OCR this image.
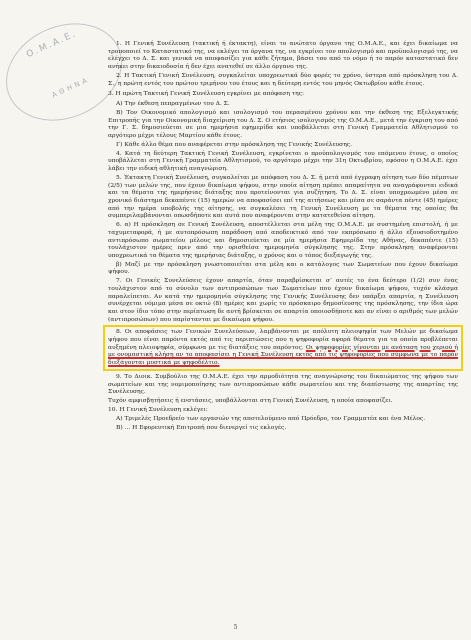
Ο.Μ.Α.Ε.
ΑΘΗΝΑ

1. Η Γενική Συνέλευση (τακτική ή έκτακτη), είναι το ανώτατο όργανο της Ο.Μ.Α.Ε., και έχει δικαίωμα να τροποποιεί το Καταστατικό της, να εκλέγει τα όργανα της, να εγκρίνει τον απολογισμό και προϋπολογισμό της, να ελέγχει το Δ. Σ. και γενικά να αποφασίζει για κάθε ζήτημα, βάσει του από το νόμο ή το παρόν καταστατικό δεν ανήκει στην δικαιοδοσία ή δεν έχει ανατεθεί σε άλλο όργανο της.

2. Η Τακτική Γενική Συνέλευση, συγκαλείται υποχρεωτικά δύο φορές το χρόνο, ύστερα από πρόσκληση του Δ. Σ., η πρώτη εντός του πρώτου τριμήνου του έτους και η δεύτερη εντός του μηνός Οκτωβρίου κάθε έτους.

3. Η πρώτη Τακτική Γενική Συνέλευση εγκρίνει με απόφαση της:

Α) Την έκθεση πεπραγμένων του Δ. Σ.

Β) Τον Οικονομικό απολογισμό και ισολογισμό του περασμένου χρόνου και την έκθεση της Εξελεγκτικής Επιτροπής για την Οικονομική διαχείριση του Δ. Σ. Ο ετήσιος ισολογισμός της Ο.Μ.Α.Ε., μετά την έγκριση του από την Γ. Σ. δημοσιεύεται σε μια ημερήσια εφημερίδα και υποβάλλεται στη Γενική Γραμματεία Αθλητισμού το αργότερο μέχρι τέλους Μαρτίου κάθε έτους.

Γ) Κάθε άλλο θέμα που αναφέρεται στην πρόσκληση της Γενικής Συνέλευσης.

4. Κατά τη δεύτερη Τακτική Γενική Συνέλευση, εγκρίνεται ο προϋπολογισμός του επόμενου έτους, ο οποίος υποβάλλεται στη Γενική Γραμματεία Αθλητισμού, το αργότερο μέχρι την 31η Οκτωβρίου, εφόσον η Ο.Μ.Α.Ε. έχει λάβει την ειδική αθλητική αναγνώριση.

5. Έκτακτη Γενική Συνέλευση, συγκαλείται με απόφαση του Δ. Σ. ή μετά από έγγραφη αίτηση των δύο πέμπτων (2/5) των μελών της, που έχουν δικαίωμα ψήφου, στην οποία αίτηση πρέπει απαραίτητα να αναγράφονται ειδικά και τα θέματα της ημερήσιας διάταξης που προτείνονται για συζήτηση. Το Δ. Σ. είναι υποχρεωμένο μέσα σε χρονικό διάστημα δεκαπέντε (15) ημερών να αποφασίσει επί της αιτήσεως και μέσα σε σαράντα πέντε (45) ημέρες από την ημέρα υποβολής της αίτησης, να συγκαλέσει τη Γενική Συνέλευση με τα θέματα της οποίας θα συμπεριλαμβάνονται οπωσδήποτε και αυτά που αναφέρονται στην κατατεθείσα αίτηση.

6. α) Η πρόσκληση σε Γενική Συνέλευση, αποστέλλεται στα μέλη της Ο.Μ.Α.Ε. με συστημένη επιστολή, ή με ταχυμεταφορά, ή με αυτοπρόσωπη παράδοση από αποδεικτικό από τον εκπρόσωπο ή άλλο εξουσιοδοτημένο αντιπρόσωπο σωματείου μέλους και δημοσιεύεται σε μία ημερήσια Εφημερίδα της Αθήνας, δεκαπέντε (15) τουλάχιστον ημέρες πριν από την ορισθείσα ημερομηνία σύγκλησης της. Στην πρόσκληση αναφέρονται υποχρεωτικά τα θέματα της ημερήσιας διάταξης, ο χρόνος και ο τόπος διεξαγωγής της.

β) Μαζί με την πρόσκληση γνωστοποιείται στα μέλη και ο κατάλογος των Σωματείων που έχουν δικαίωμα ψήφου.

7. Οι Γενικές Συνελεύσεις έχουν απαρτία, όταν παραβρίσκεται σ’ αυτές το ένα δεύτερο (1/2) συν ένας τουλάχιστον από το σύνολο των αντιπροσώπων των Σωματείων που έχουν δικαίωμα ψήφου, τυχόν κλάσμα παραλείπεται. Αν κατά την ημερομηνία σύγκλησης της Γενικής Συνέλευσης δεν υπάρξει απαρτία, η Συνέλευση συνέρχεται νόμιμα μέσα σε οκτώ (8) ημέρες και χωρίς το πρόσκαιρο δημοσίευσης της πρόσκλησης, την ίδια ώρα και στον ίδιο τόπο στην περίπτωση δε αυτή βρίσκεται σε απαρτία οποιοσδήποτε και αν είναι ο αριθμός των μελών (αντιπροσώπων) που παρίστανται με δικαίωμα ψήφου.

8. Οι αποφάσεις των Γενικών Συνελεύσεων, λαμβάνονται με απόλυτη πλειοψηφία των Μελών με δικαίωμα ψήφου που είναι παρόντα εκτός από τις περιπτώσεις που η ψηφοφορία αφορά θέματα για τα οποία προβλέπεται αυξημένη πλειοψηφία, σύμφωνα με τις διατάξεις του παρόντος. Οι ψηφοφορίες γίνονται με ανάταση του χεριού ή με ονομαστική κλήση αν το αποφασίσει η Γενική Συνέλευση εκτός από τις ψηφοφορίες που σύμφωνα με το παρόν διεξάγονται μυστικά με ψηφοδέλτιο.

9. Το Διοικ. Συμβούλιο της Ο.Μ.Α.Ε. έχει την αρμοδιότητα της αναγνώρισης του δικαιώματος της ψήφου των σωματείων και της νομιμοποίησης των αντιπροσώπων κάθε σωματείου και της διαπίστωσης της απαρτίας της Συνέλευσης.

Τυχόν αμφισβητήσεις ή ενστάσεις, υποβάλλονται στη Γενική Συνέλευση, η οποία αποφασίζει.

10. Η Γενική Συνέλευση εκλέγει:

Α) Τριμελές Προεδρείο των εργασιών της αποτελούμενο από Πρόεδρο, τον Γραμματέα και ένα Μέλος.

Β) ... Η Εφορευτική Επιτροπή που διενεργεί τις εκλογές.

5
